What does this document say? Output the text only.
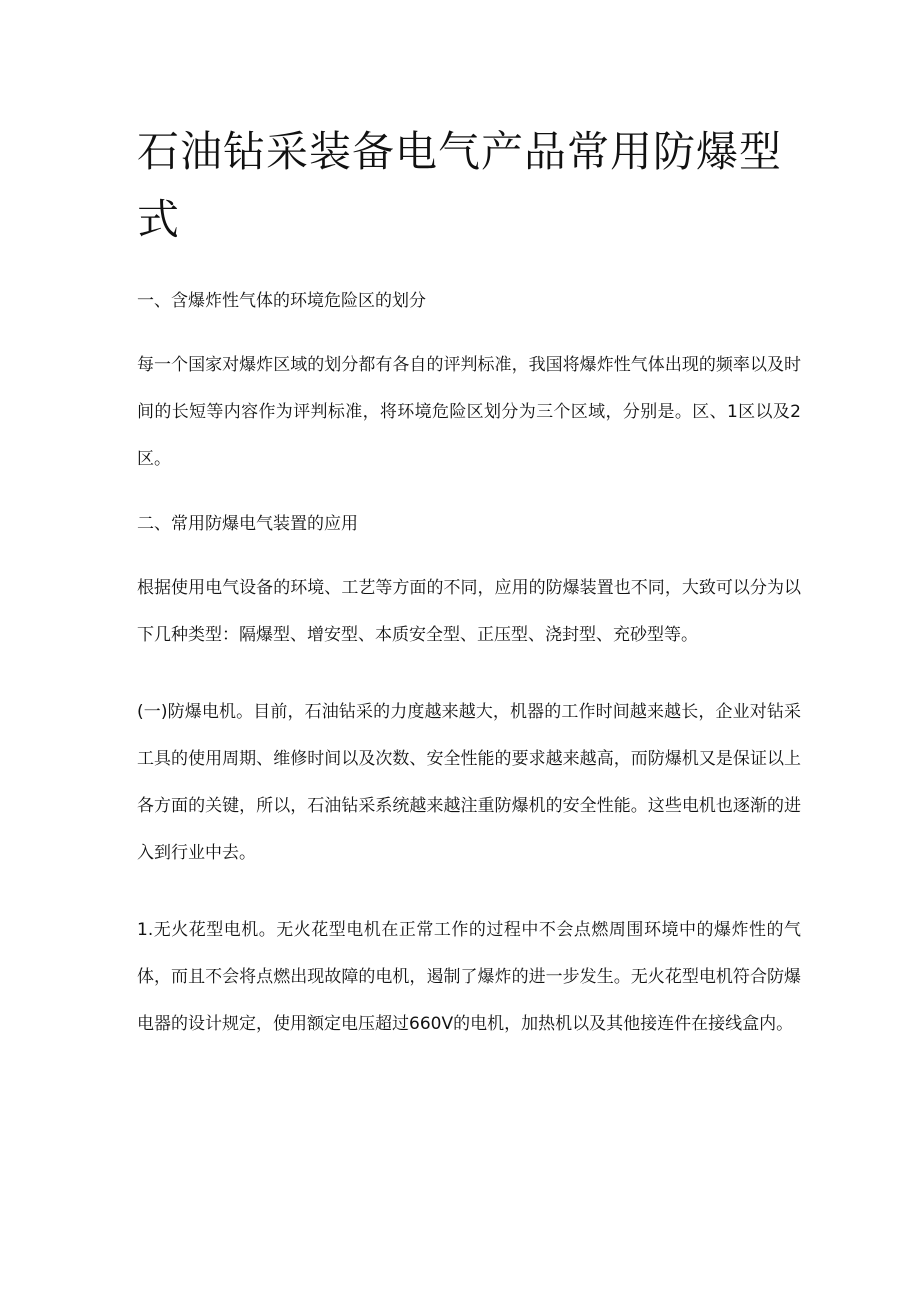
石油钻采装备电气产品常用防爆型式
一、含爆炸性气体的环境危险区的划分

每一个国家对爆炸区域的划分都有各自的评判标准，我国将爆炸性气体出现的频率以及时间的长短等内容作为评判标准，将环境危险区划分为三个区域，分别是。区、1区以及2区。

二、常用防爆电气装置的应用

根据使用电气设备的环境、工艺等方面的不同，应用的防爆装置也不同，大致可以分为以下几种类型：隔爆型、增安型、本质安全型、正压型、浇封型、充砂型等。

(一)防爆电机。目前，石油钻采的力度越来越大，机器的工作时间越来越长，企业对钻采工具的使用周期、维修时间以及次数、安全性能的要求越来越高，而防爆机又是保证以上各方面的关键，所以，石油钻采系统越来越注重防爆机的安全性能。这些电机也逐渐的进入到行业中去。

1.无火花型电机。无火花型电机在正常工作的过程中不会点燃周围环境中的爆炸性的气体，而且不会将点燃出现故障的电机，遏制了爆炸的进一步发生。无火花型电机符合防爆电器的设计规定，使用额定电压超过660V的电机，加热机以及其他接连件在接线盒内。
